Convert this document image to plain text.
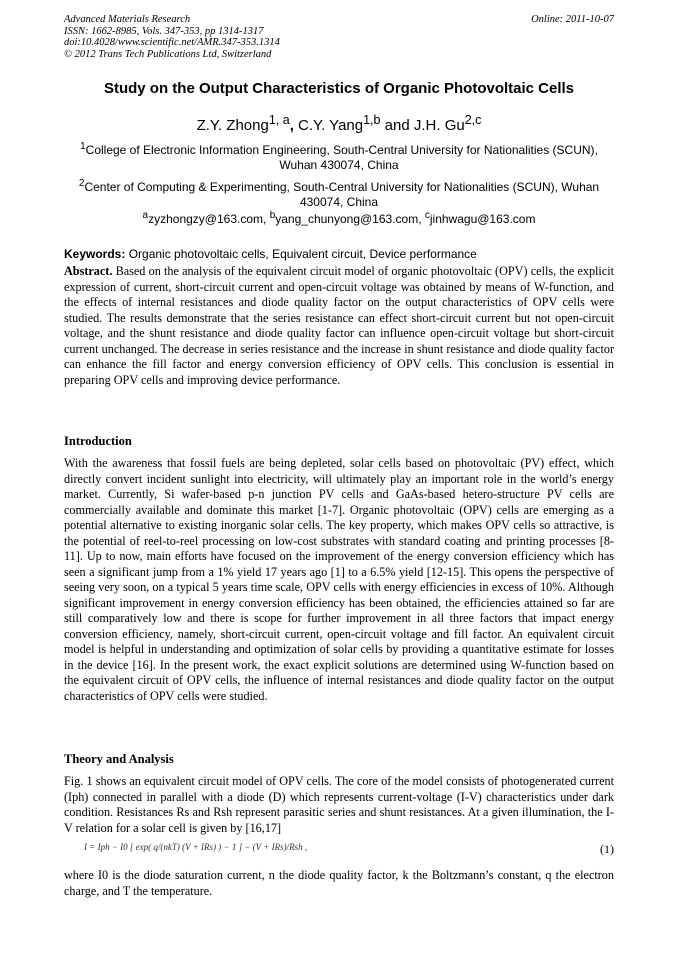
Advanced Materials Research
ISSN: 1662-8985, Vols. 347-353, pp 1314-1317
doi:10.4028/www.scientific.net/AMR.347-353.1314
© 2012 Trans Tech Publications Ltd, Switzerland
Online: 2011-10-07
Study on the Output Characteristics of Organic Photovoltaic Cells
Z.Y. Zhong$^{1, a}$, C.Y. Yang$^{1,b}$ and J.H. Gu$^{2,c}$
$^1$College of Electronic Information Engineering, South-Central University for Nationalities (SCUN), Wuhan 430074, China
$^2$Center of Computing & Experimenting, South-Central University for Nationalities (SCUN), Wuhan 430074, China
$^a$zyzhongzy@163.com, $^b$yang_chunyong@163.com, $^c$jinhwagu@163.com
Keywords: Organic photovoltaic cells, Equivalent circuit, Device performance
Abstract. Based on the analysis of the equivalent circuit model of organic photovoltaic (OPV) cells, the explicit expression of current, short-circuit current and open-circuit voltage was obtained by means of W-function, and the effects of internal resistances and diode quality factor on the output characteristics of OPV cells were studied. The results demonstrate that the series resistance can effect short-circuit current but not open-circuit voltage, and the shunt resistance and diode quality factor can influence open-circuit voltage but short-circuit current unchanged. The decrease in series resistance and the increase in shunt resistance and diode quality factor can enhance the fill factor and energy conversion efficiency of OPV cells. This conclusion is essential in preparing OPV cells and improving device performance.
Introduction
With the awareness that fossil fuels are being depleted, solar cells based on photovoltaic (PV) effect, which directly convert incident sunlight into electricity, will ultimately play an important role in the world’s energy market. Currently, Si wafer-based p-n junction PV cells and GaAs-based hetero-structure PV cells are commercially available and dominate this market [1-7]. Organic photovoltaic (OPV) cells are emerging as a potential alternative to existing inorganic solar cells. The key property, which makes OPV cells so attractive, is the potential of reel-to-reel processing on low-cost substrates with standard coating and printing processes [8-11]. Up to now, main efforts have focused on the improvement of the energy conversion efficiency which has seen a significant jump from a 1% yield 17 years ago [1] to a 6.5% yield [12-15]. This opens the perspective of seeing very soon, on a typical 5 years time scale, OPV cells with energy efficiencies in excess of 10%. Although significant improvement in energy conversion efficiency has been obtained, the efficiencies attained so far are still comparatively low and there is scope for further improvement in all three factors that impact energy conversion efficiency, namely, short-circuit current, open-circuit voltage and fill factor. An equivalent circuit model is helpful in understanding and optimization of solar cells by providing a quantitative estimate for losses in the device [16]. In the present work, the exact explicit solutions are determined using W-function based on the equivalent circuit of OPV cells, the influence of internal resistances and diode quality factor on the output characteristics of OPV cells were studied.
Theory and Analysis
Fig. 1 shows an equivalent circuit model of OPV cells. The core of the model consists of photogenerated current (Iph) connected in parallel with a diode (D) which represents current-voltage (I-V) characteristics under dark condition. Resistances Rs and Rsh represent parasitic series and shunt resistances. At a given illumination, the I-V relation for a solar cell is given by [16,17]
I = Iph − I0 [ exp( q/(nkT) (V + IRs) ) − 1 ] − (V + IRs)/Rsh ,	(1)
where I0 is the diode saturation current, n the diode quality factor, k the Boltzmann’s constant, q the electron charge, and T the temperature.
